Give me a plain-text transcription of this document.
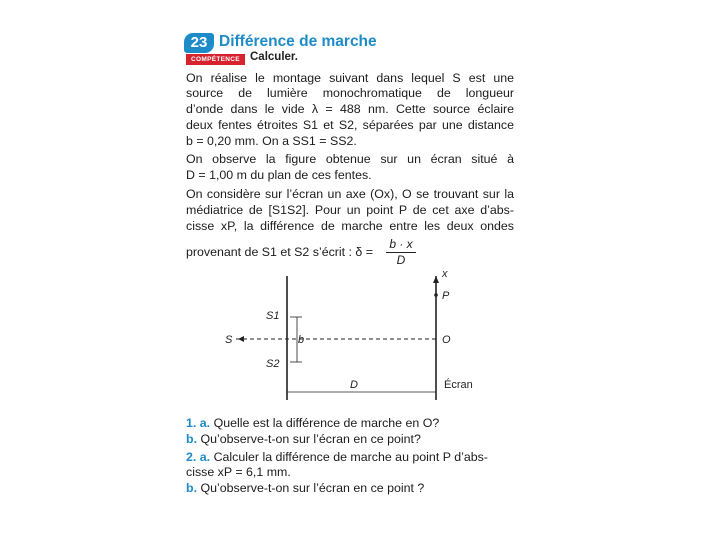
23 Différence de marche
COMPÉTENCE Calculer.
On réalise le montage suivant dans lequel S est une
source de lumière monochromatique de longueur
d’onde dans le vide λ = 488 nm. Cette source éclaire
deux fentes étroites S1 et S2, séparées par une distance
b = 0,20 mm. On a SS1 = SS2.
On observe la figure obtenue sur un écran situé à
D = 1,00 m du plan de ces fentes.
On considère sur l’écran un axe (Ox), O se trouvant sur la
médiatrice de [S1S2]. Pour un point P de cet axe d’abs-
cisse xP, la différence de marche entre les deux ondes
provenant de S1 et S2 s’écrit : δ =
b · x
D
x
P
O
S
S1
S2
b
D	Écran
1. a. Quelle est la différence de marche en O?
b. Qu’observe-t-on sur l’écran en ce point?
2. a. Calculer la différence de marche au point P d’abs-
cisse xP = 6,1 mm.
b. Qu’observe-t-on sur l’écran en ce point ?
